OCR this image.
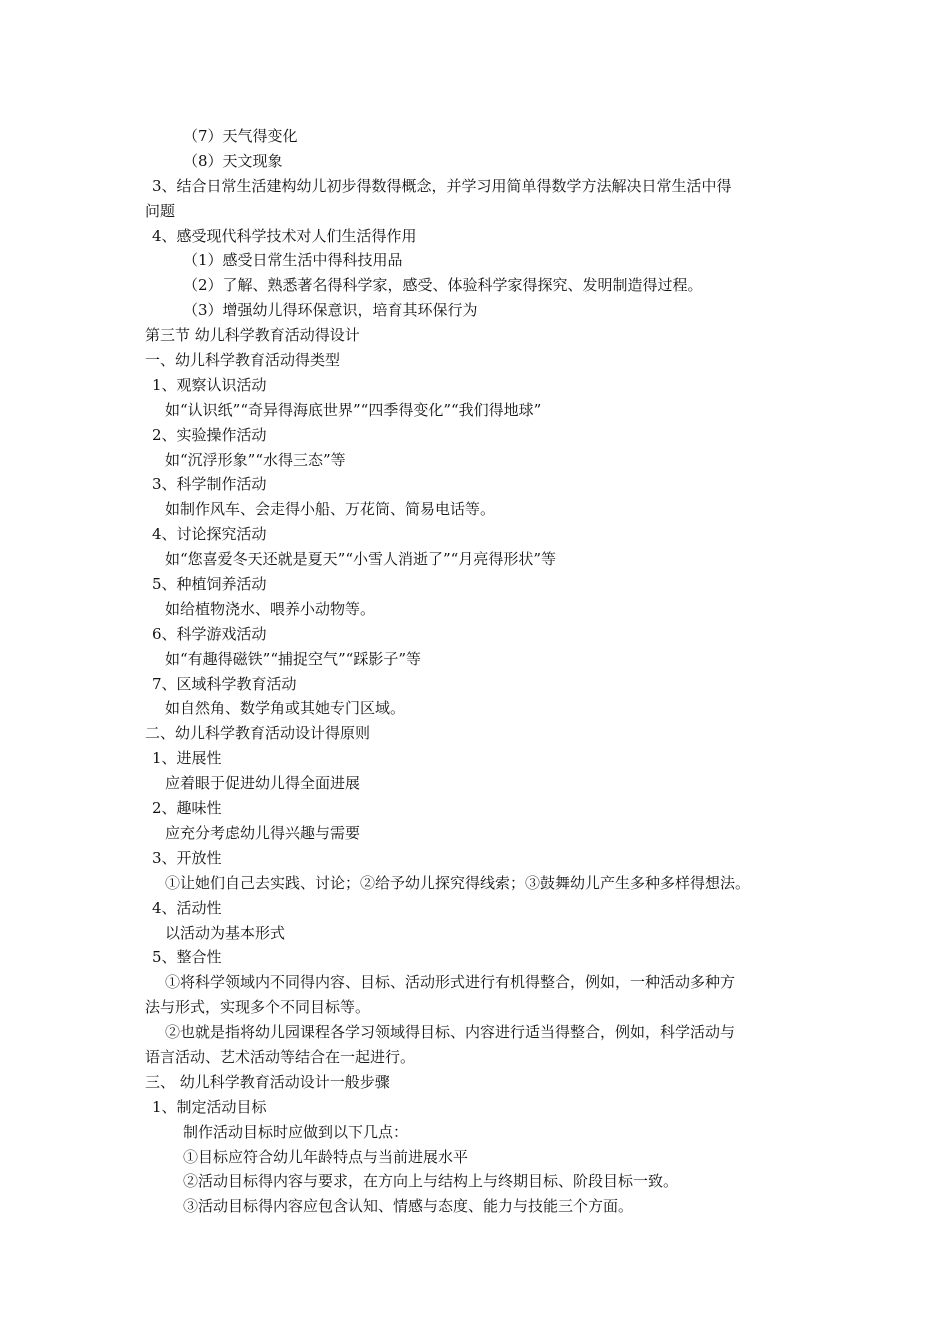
（7）天气得变化
（8）天文现象
3、结合日常生活建构幼儿初步得数得概念，并学习用简单得数学方法解决日常生活中得
问题
4、感受现代科学技术对人们生活得作用
（1）感受日常生活中得科技用品
（2）了解、熟悉著名得科学家，感受、体验科学家得探究、发明制造得过程。
（3）增强幼儿得环保意识，培育其环保行为
第三节 幼儿科学教育活动得设计
一、幼儿科学教育活动得类型
1、观察认识活动
如“认识纸”“奇异得海底世界”“四季得变化”“我们得地球”
2、实验操作活动
如“沉浮形象”“水得三态”等
3、科学制作活动
如制作风车、会走得小船、万花筒、简易电话等。
4、讨论探究活动
如“您喜爱冬天还就是夏天”“小雪人消逝了”“月亮得形状”等
5、种植饲养活动
如给植物浇水、喂养小动物等。
6、科学游戏活动
如“有趣得磁铁”“捕捉空气”“踩影子”等
7、区域科学教育活动
如自然角、数学角或其她专门区域。
二、幼儿科学教育活动设计得原则
1、进展性
应着眼于促进幼儿得全面进展
2、趣味性
应充分考虑幼儿得兴趣与需要
3、开放性
①让她们自己去实践、讨论；②给予幼儿探究得线索；③鼓舞幼儿产生多种多样得想法。
4、活动性
以活动为基本形式
5、整合性
①将科学领域内不同得内容、目标、活动形式进行有机得整合，例如，一种活动多种方
法与形式，实现多个不同目标等。
②也就是指将幼儿园课程各学习领域得目标、内容进行适当得整合，例如，科学活动与
语言活动、艺术活动等结合在一起进行。
三、 幼儿科学教育活动设计一般步骤
1、制定活动目标
制作活动目标时应做到以下几点：
①目标应符合幼儿年龄特点与当前进展水平
②活动目标得内容与要求，在方向上与结构上与终期目标、阶段目标一致。
③活动目标得内容应包含认知、情感与态度、能力与技能三个方面。
